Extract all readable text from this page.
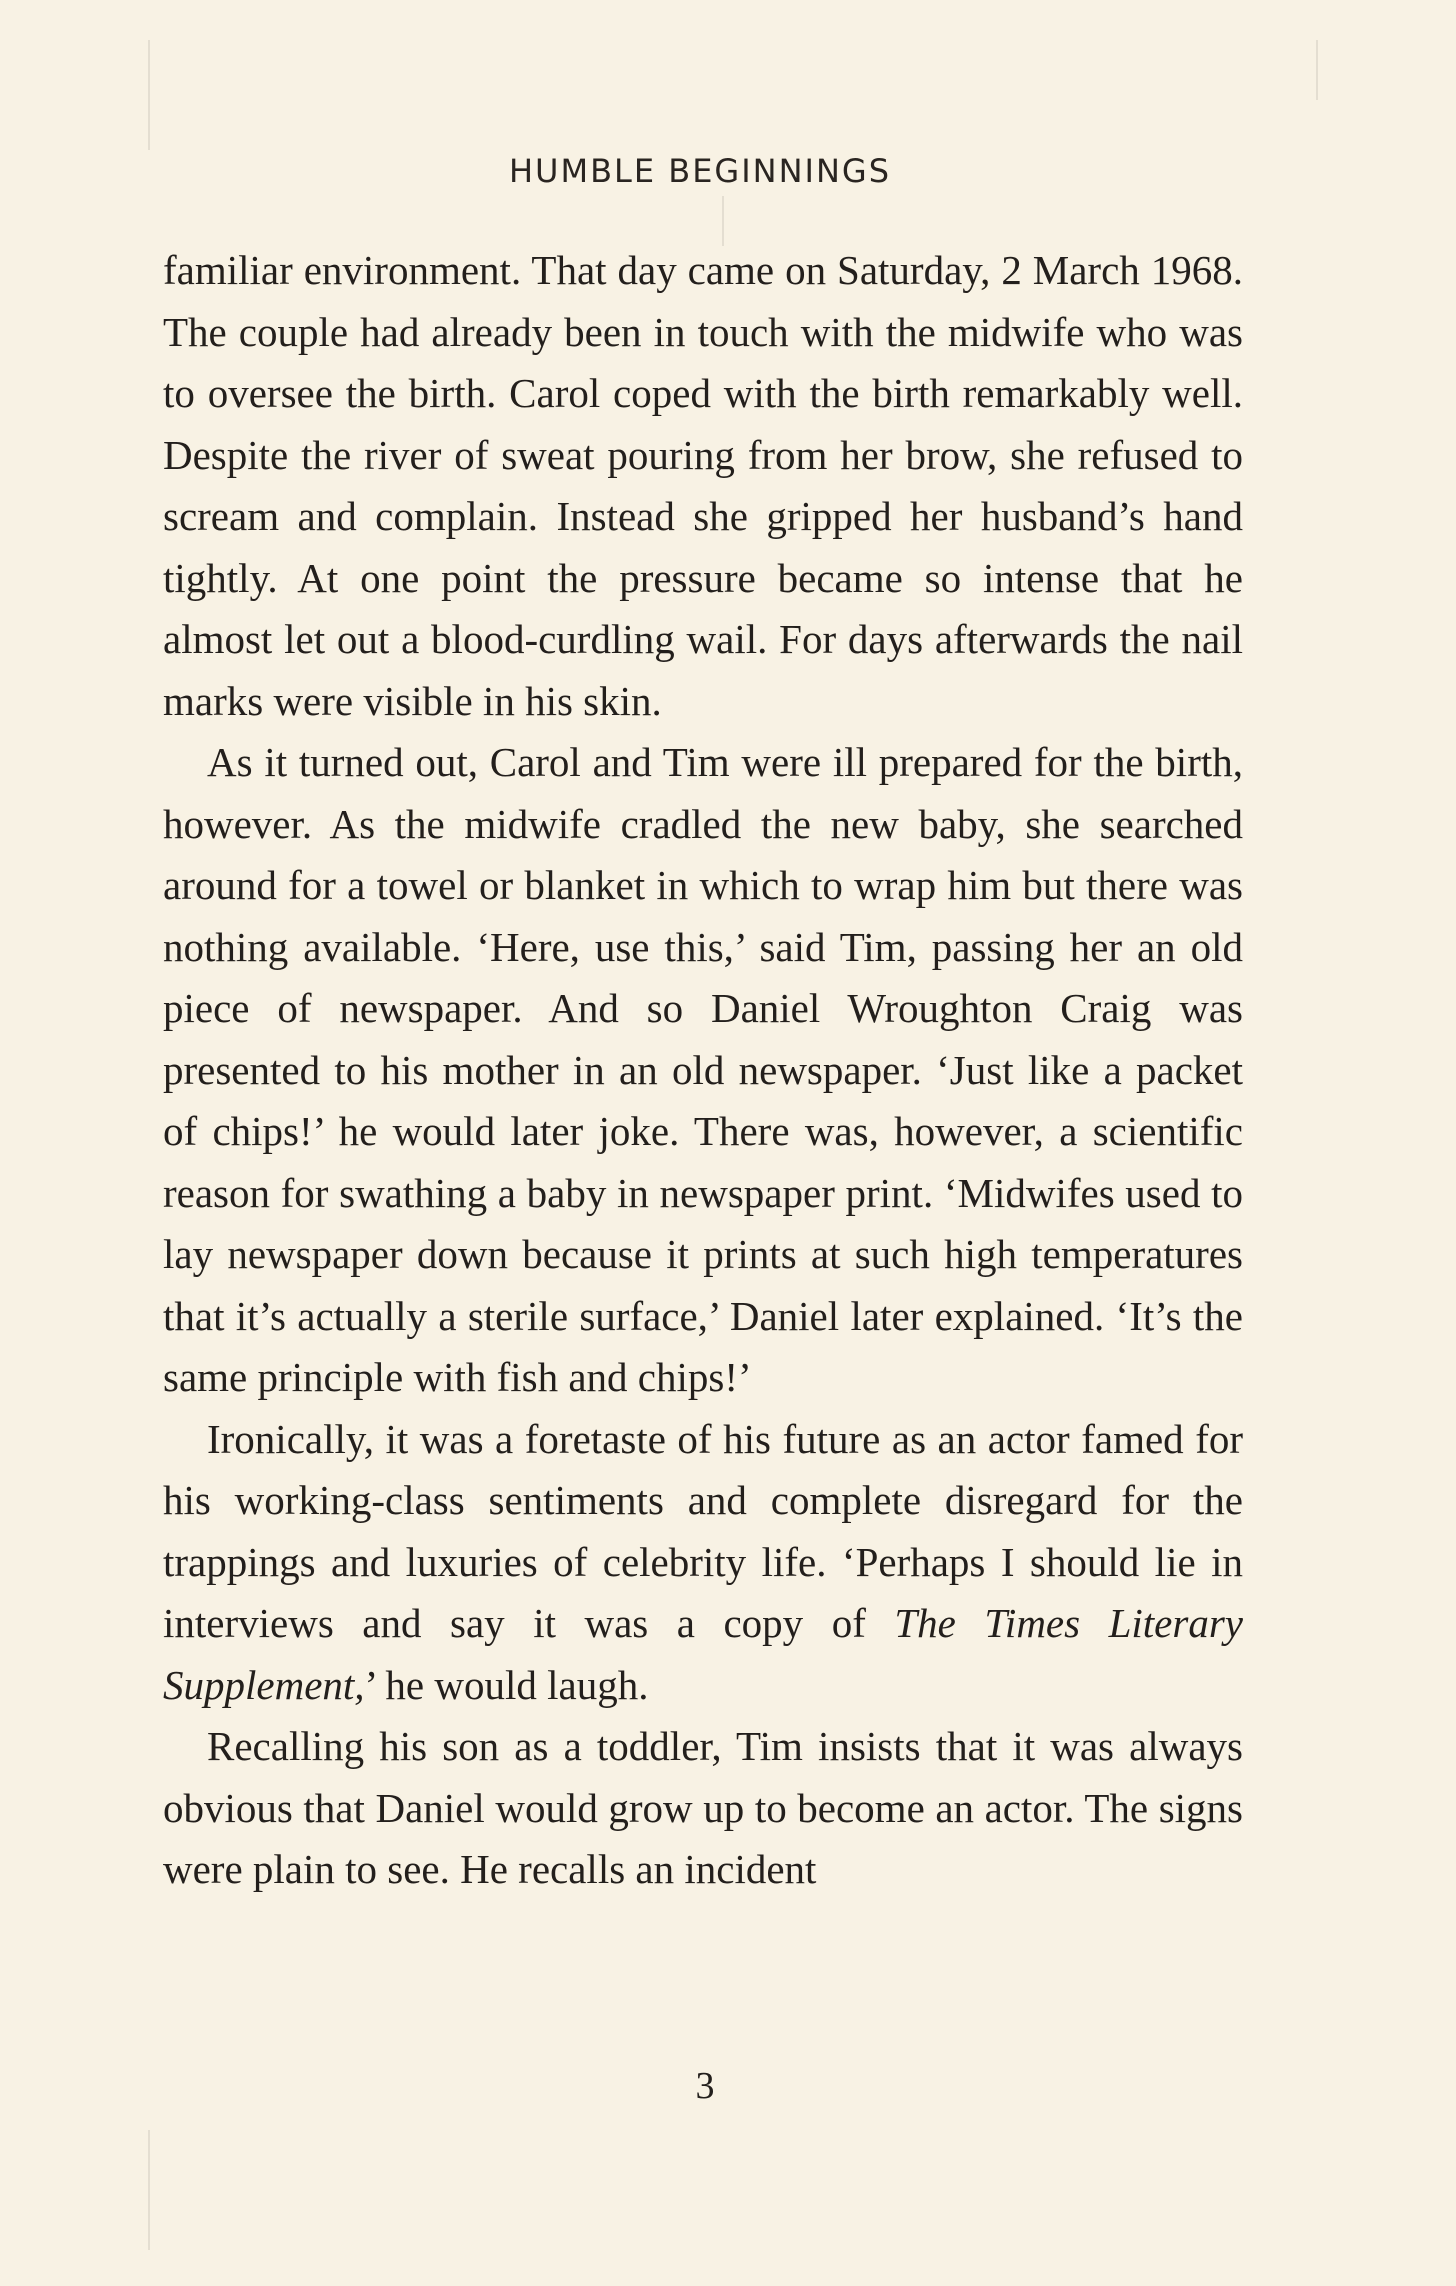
HUMBLE BEGINNINGS

familiar environment. That day came on Saturday, 2 March 1968. The couple had already been in touch with the midwife who was to oversee the birth. Carol coped with the birth remarkably well. Despite the river of sweat pouring from her brow, she refused to scream and complain. Instead she gripped her husband’s hand tightly. At one point the pressure became so intense that he almost let out a blood-curdling wail. For days afterwards the nail marks were visible in his skin.

As it turned out, Carol and Tim were ill prepared for the birth, however. As the midwife cradled the new baby, she searched around for a towel or blanket in which to wrap him but there was nothing available. ‘Here, use this,’ said Tim, passing her an old piece of newspaper. And so Daniel Wroughton Craig was presented to his mother in an old newspaper. ‘Just like a packet of chips!’ he would later joke. There was, however, a scientific reason for swathing a baby in newspaper print. ‘Midwifes used to lay newspaper down because it prints at such high temperatures that it’s actually a sterile surface,’ Daniel later explained. ‘It’s the same principle with fish and chips!’

Ironically, it was a foretaste of his future as an actor famed for his working-class sentiments and complete disregard for the trappings and luxuries of celebrity life. ‘Perhaps I should lie in interviews and say it was a copy of The Times Literary Supplement,’ he would laugh.

Recalling his son as a toddler, Tim insists that it was always obvious that Daniel would grow up to become an actor. The signs were plain to see. He recalls an incident

3
